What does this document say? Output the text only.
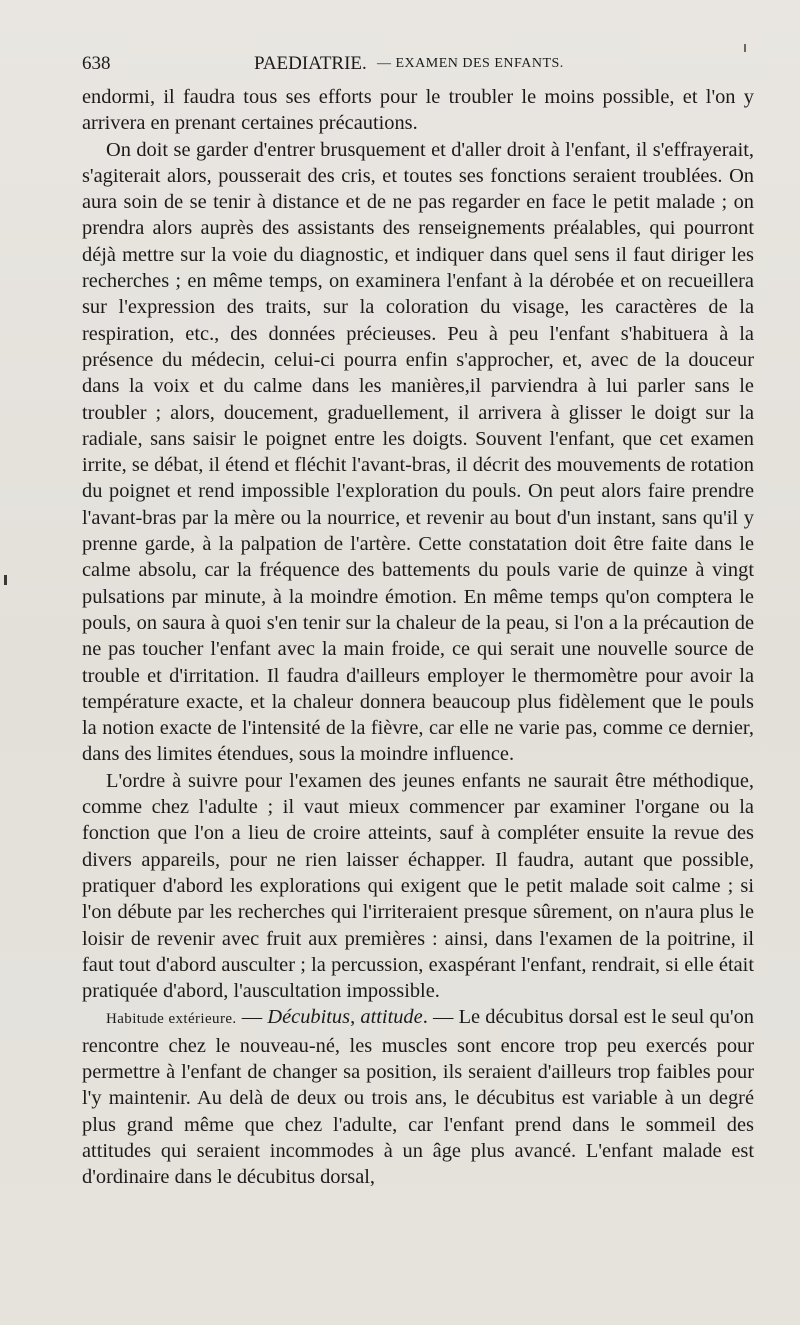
638	PAEDIATRIE. — EXAMEN DES ENFANTS.

endormi, il faudra tous ses efforts pour le troubler le moins possible, et l'on y arrivera en prenant certaines précautions.

On doit se garder d'entrer brusquement et d'aller droit à l'enfant, il s'effrayerait, s'agiterait alors, pousserait des cris, et toutes ses fonctions seraient troublées. On aura soin de se tenir à distance et de ne pas regarder en face le petit malade ; on prendra alors auprès des assistants des renseignements préalables, qui pourront déjà mettre sur la voie du diagnostic, et indiquer dans quel sens il faut diriger les recherches ; en même temps, on examinera l'enfant à la dérobée et on recueillera sur l'expression des traits, sur la coloration du visage, les caractères de la respiration, etc., des données précieuses. Peu à peu l'enfant s'habituera à la présence du médecin, celui-ci pourra enfin s'approcher, et, avec de la douceur dans la voix et du calme dans les manières,il parviendra à lui parler sans le troubler ; alors, doucement, graduellement, il arrivera à glisser le doigt sur la radiale, sans saisir le poignet entre les doigts. Souvent l'enfant, que cet examen irrite, se débat, il étend et fléchit l'avant-bras, il décrit des mouvements de rotation du poignet et rend impossible l'exploration du pouls. On peut alors faire prendre l'avant-bras par la mère ou la nourrice, et revenir au bout d'un instant, sans qu'il y prenne garde, à la palpation de l'artère. Cette constatation doit être faite dans le calme absolu, car la fréquence des battements du pouls varie de quinze à vingt pulsations par minute, à la moindre émotion. En même temps qu'on comptera le pouls, on saura à quoi s'en tenir sur la chaleur de la peau, si l'on a la précaution de ne pas toucher l'enfant avec la main froide, ce qui serait une nouvelle source de trouble et d'irritation. Il faudra d'ailleurs employer le thermomètre pour avoir la température exacte, et la chaleur donnera beaucoup plus fidèlement que le pouls la notion exacte de l'intensité de la fièvre, car elle ne varie pas, comme ce dernier, dans des limites étendues, sous la moindre influence.

L'ordre à suivre pour l'examen des jeunes enfants ne saurait être méthodique, comme chez l'adulte ; il vaut mieux commencer par examiner l'organe ou la fonction que l'on a lieu de croire atteints, sauf à compléter ensuite la revue des divers appareils, pour ne rien laisser échapper. Il faudra, autant que possible, pratiquer d'abord les explorations qui exigent que le petit malade soit calme ; si l'on débute par les recherches qui l'irriteraient presque sûrement, on n'aura plus le loisir de revenir avec fruit aux premières : ainsi, dans l'examen de la poitrine, il faut tout d'abord ausculter ; la percussion, exaspérant l'enfant, rendrait, si elle était pratiquée d'abord, l'auscultation impossible.

Habitude extérieure. — Décubitus, attitude. — Le décubitus dorsal est le seul qu'on rencontre chez le nouveau-né, les muscles sont encore trop peu exercés pour permettre à l'enfant de changer sa position, ils seraient d'ailleurs trop faibles pour l'y maintenir. Au delà de deux ou trois ans, le décubitus est variable à un degré plus grand même que chez l'adulte, car l'enfant prend dans le sommeil des attitudes qui seraient incommodes à un âge plus avancé. L'enfant malade est d'ordinaire dans le décubitus dorsal,
